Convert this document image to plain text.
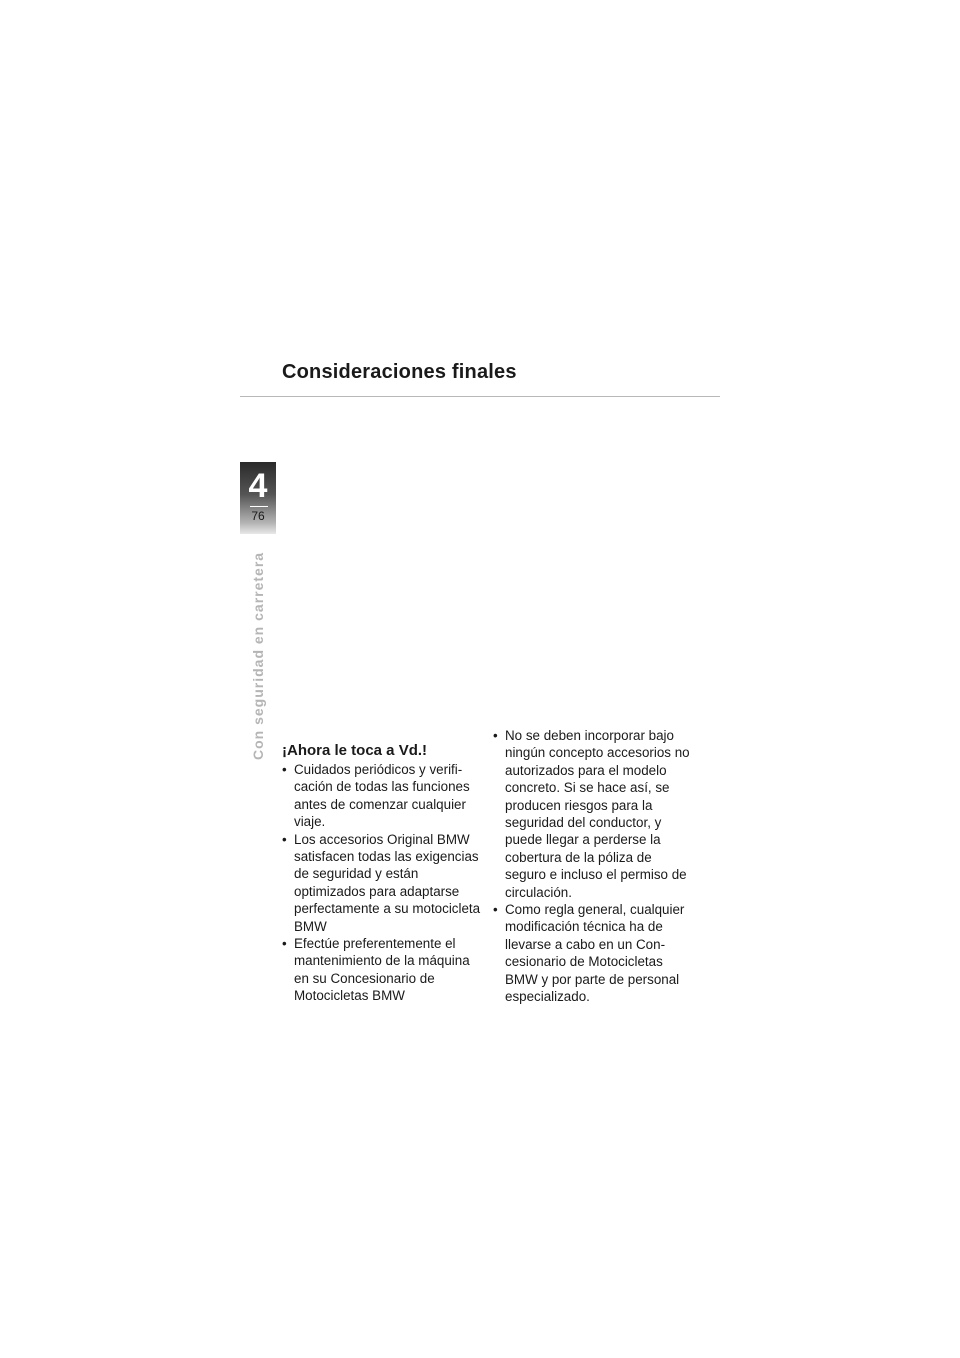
Consideraciones finales
4
76
Con seguridad en carretera ¡Ahora le toca a Vd.!
• Cuidados periódicos y verificación de todas las funciones antes de comenzar cualquier viaje.
• Los accesorios Original BMW satisfacen todas las exigencias de seguridad y están optimizados para adaptarse perfectamente a su motocicleta BMW
• Efectúe preferentemente el mantenimiento de la máquina en su Concesionario de Motocicletas BMW
• No se deben incorporar bajo ningún concepto accesorios no autorizados para el modelo concreto. Si se hace así, se producen riesgos para la seguridad del conductor, y puede llegar a perderse la cobertura de la póliza de seguro e incluso el permiso de circulación.
• Como regla general, cualquier modificación técnica ha de llevarse a cabo en un Concesionario de Motocicletas BMW y por parte de personal especializado.
